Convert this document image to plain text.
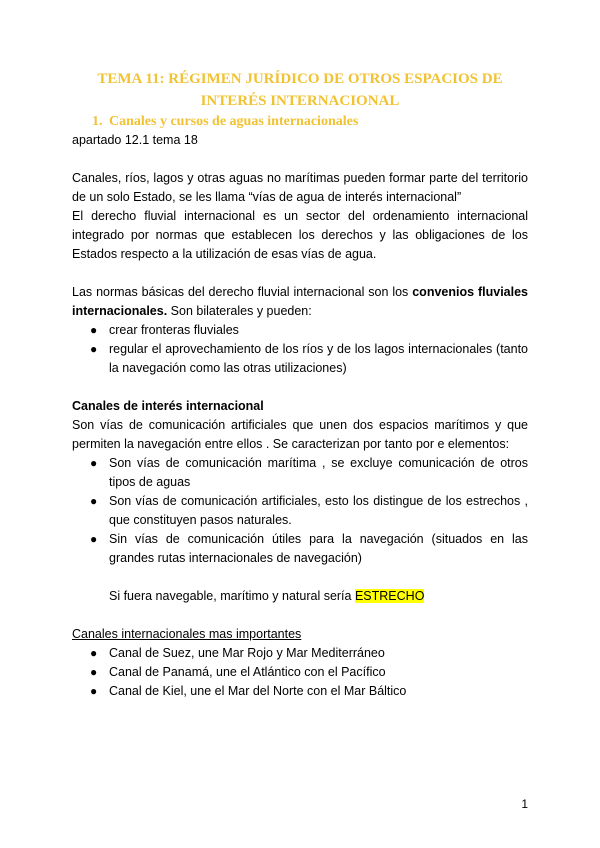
TEMA 11: RÉGIMEN JURÍDICO DE OTROS ESPACIOS DE INTERÉS INTERNACIONAL
1. Canales y cursos de aguas internacionales

apartado 12.1 tema 18

Canales, ríos, lagos y otras aguas no marítimas pueden formar parte del territorio de un solo Estado, se les llama “vías de agua de interés internacional”

El derecho fluvial internacional es un sector del ordenamiento internacional integrado por normas que establecen los derechos y las obligaciones de los Estados respecto a la utilización de esas vías de agua.

Las normas básicas del derecho fluvial internacional son los convenios fluviales internacionales. Son bilaterales y pueden:

● crear fronteras fluviales
● regular el aprovechamiento de los ríos y de los lagos internacionales (tanto la navegación como las otras utilizaciones)

Canales de interés internacional

Son vías de comunicación artificiales que unen dos espacios marítimos y que permiten la navegación entre ellos . Se caracterizan por tanto por e elementos:

● Son vías de comunicación marítima , se excluye comunicación de otros tipos de aguas
● Son vías de comunicación artificiales, esto los distingue de los estrechos , que constituyen pasos naturales.
● Sin vías de comunicación útiles para la navegación (situados en las grandes rutas internacionales de navegación)

Si fuera navegable, marítimo y natural sería ESTRECHO

Canales internacionales mas importantes

● Canal de Suez, une Mar Rojo y Mar Mediterráneo
● Canal de Panamá, une el Atlántico con el Pacífico
● Canal de Kiel, une el Mar del Norte con el Mar Báltico
1
